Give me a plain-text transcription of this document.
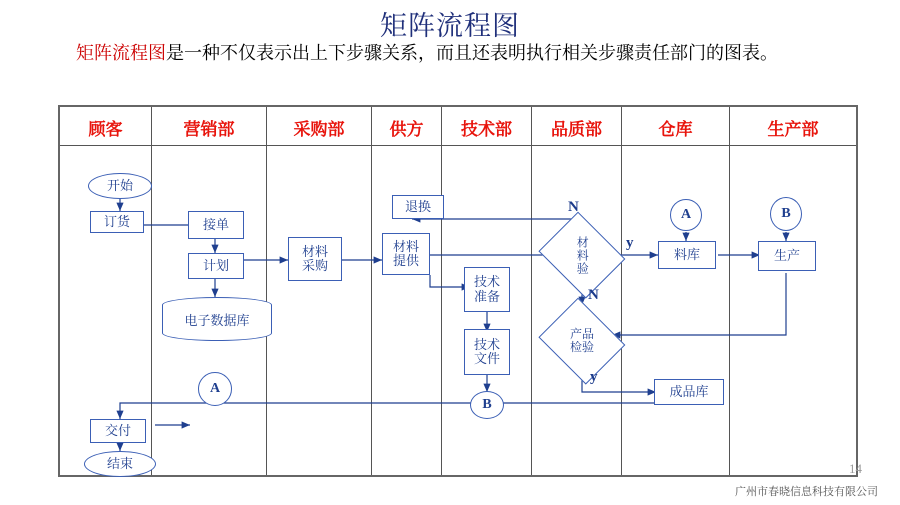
矩阵流程图
矩阵流程图是一种不仅表示出上下步骤关系，而且还表明执行相关步骤责任部门的图表。
顾客	营销部	采购部	供方	技术部	品质部	仓库	生产部
开始
订货	接单
计划
电子数据库
A
材料
采购
退换
材料
提供
技术
准备
技术
文件
B
材料验
产品
检验
A
料库
成品库
B
生产
交付
结束
N
y
N
y
14
广州市春晓信息科技有限公司
